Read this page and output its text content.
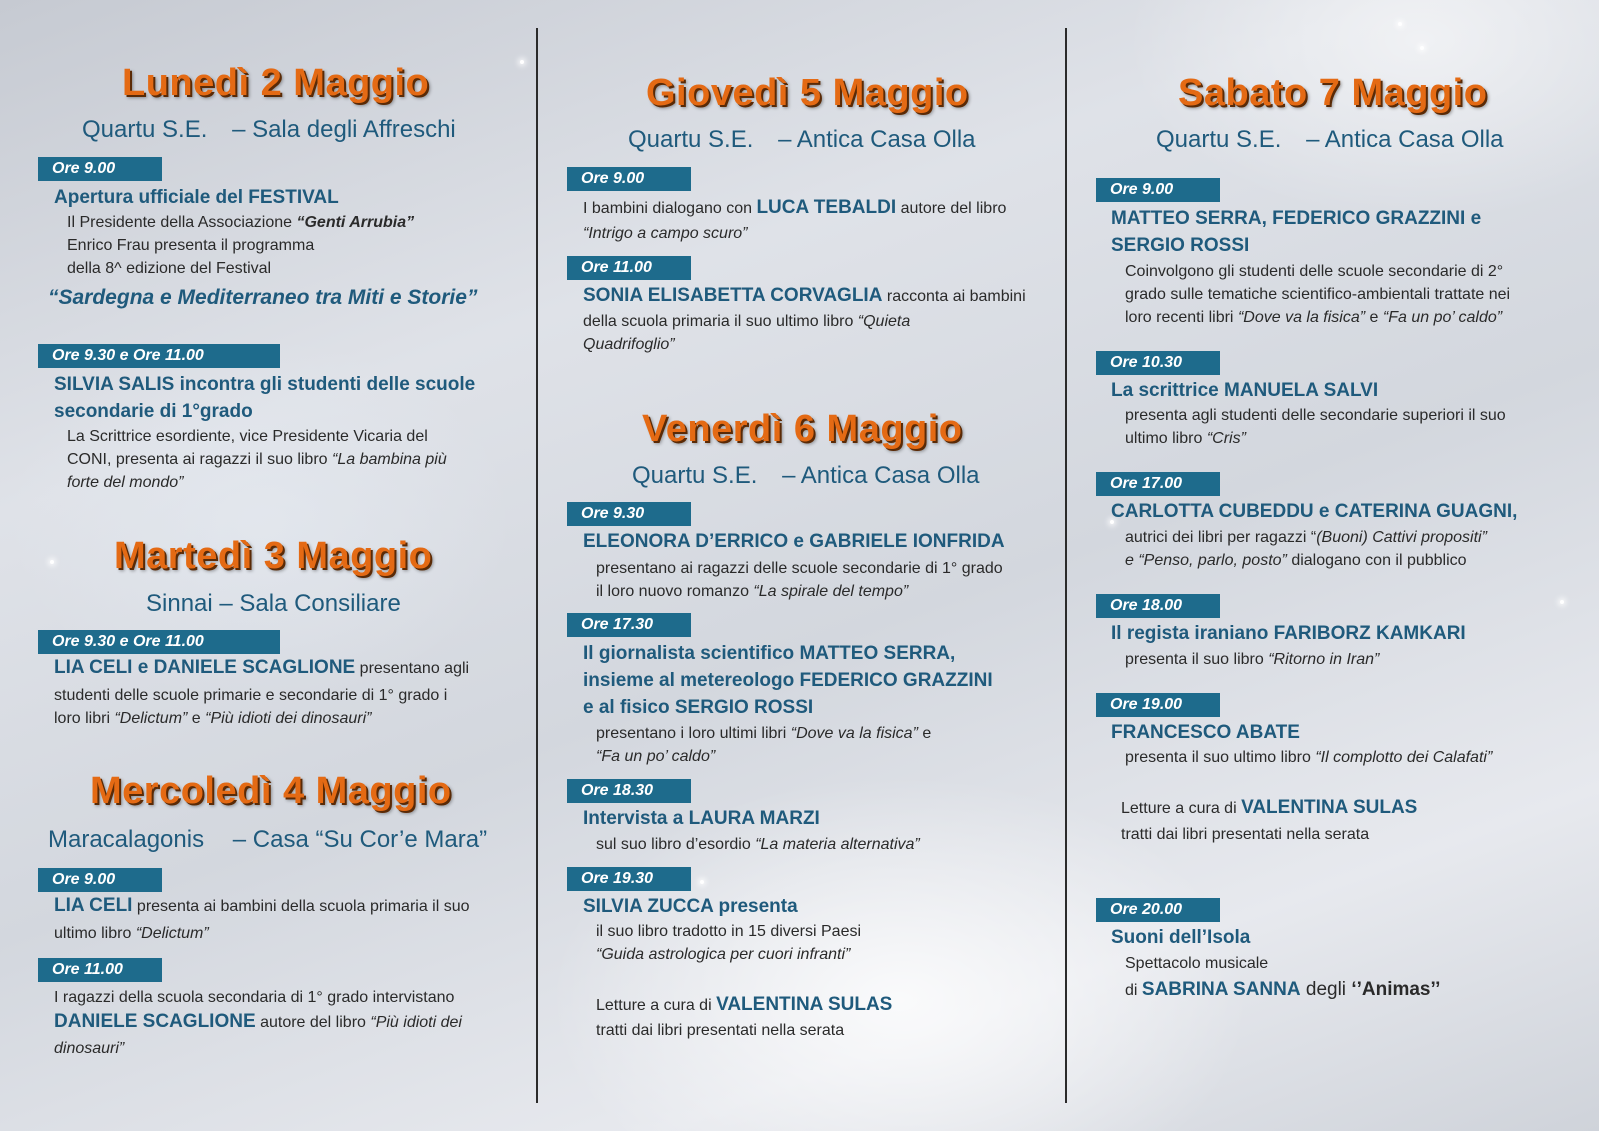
Lunedì 2 Maggio
Quartu S.E. – Sala degli Affreschi
Ore 9.00
Apertura ufficiale del FESTIVAL
Il Presidente della Associazione “Genti Arrubia”
Enrico Frau presenta il programma
della 8^ edizione del Festival
“Sardegna e Mediterraneo tra Miti e Storie”
Ore 9.30 e Ore 11.00
SILVIA SALIS incontra gli studenti delle scuole
secondarie di 1°grado
La Scrittrice esordiente, vice Presidente Vicaria del
CONI, presenta ai ragazzi il suo libro “La bambina più
forte del mondo”
Martedì 3 Maggio
Sinnai – Sala Consiliare
Ore 9.30 e Ore 11.00
LIA CELI e DANIELE SCAGLIONE presentano agli
studenti delle scuole primarie e secondarie di 1° grado i
loro libri “Delictum” e “Più idioti dei dinosauri”
Mercoledì 4 Maggio
Maracalagonis – Casa “Su Cor’e Mara”
Ore 9.00
LIA CELI presenta ai bambini della scuola primaria il suo
ultimo libro “Delictum”
Ore 11.00
I ragazzi della scuola secondaria di 1° grado intervistano
DANIELE SCAGLIONE autore del libro “Più idioti dei
dinosauri”
Giovedì 5 Maggio
Quartu S.E. – Antica Casa Olla
Ore 9.00
I bambini dialogano con LUCA TEBALDI autore del libro
“Intrigo a campo scuro”
Ore 11.00
SONIA ELISABETTA CORVAGLIA racconta ai bambini
della scuola primaria il suo ultimo libro “Quieta
Quadrifoglio”
Venerdì 6 Maggio
Quartu S.E. – Antica Casa Olla
Ore 9.30
ELEONORA D’ERRICO e GABRIELE IONFRIDA
presentano ai ragazzi delle scuole secondarie di 1° grado
il loro nuovo romanzo “La spirale del tempo”
Ore 17.30
Il giornalista scientifico MATTEO SERRA,
insieme al metereologo FEDERICO GRAZZINI
e al fisico SERGIO ROSSI
presentano i loro ultimi libri “Dove va la fisica” e
“Fa un po’ caldo”
Ore 18.30
Intervista a LAURA MARZI
sul suo libro d’esordio “La materia alternativa”
Ore 19.30
SILVIA ZUCCA presenta
il suo libro tradotto in 15 diversi Paesi
“Guida astrologica per cuori infranti”
Letture a cura di VALENTINA SULAS
tratti dai libri presentati nella serata
Sabato 7 Maggio
Quartu S.E. – Antica Casa Olla
Ore 9.00
MATTEO SERRA, FEDERICO GRAZZINI e
SERGIO ROSSI
Coinvolgono gli studenti delle scuole secondarie di 2°
grado sulle tematiche scientifico-ambientali trattate nei
loro recenti libri “Dove va la fisica” e “Fa un po’ caldo”
Ore 10.30
La scrittrice MANUELA SALVI
presenta agli studenti delle secondarie superiori il suo
ultimo libro “Cris”
Ore 17.00
CARLOTTA CUBEDDU e CATERINA GUAGNI,
autrici dei libri per ragazzi “(Buoni) Cattivi propositi”
e “Penso, parlo, posto” dialogano con il pubblico
Ore 18.00
Il regista iraniano FARIBORZ KAMKARI
presenta il suo libro “Ritorno in Iran”
Ore 19.00
FRANCESCO ABATE
presenta il suo ultimo libro “Il complotto dei Calafati”
Letture a cura di VALENTINA SULAS
tratti dai libri presentati nella serata
Ore 20.00
Suoni dell’Isola
Spettacolo musicale
di SABRINA SANNA degli ‘’Animas’’
